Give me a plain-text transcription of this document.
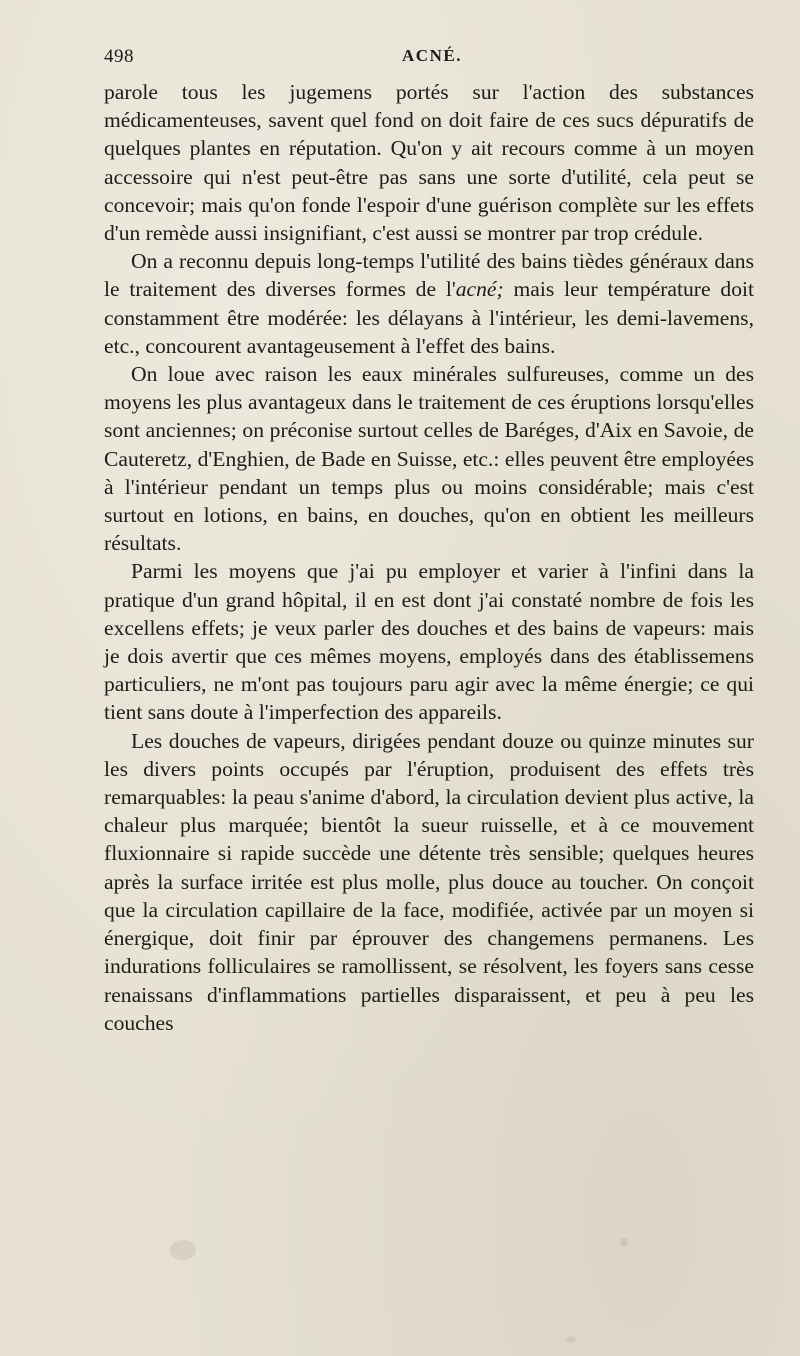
498	ACNÉ.

parole tous les jugemens portés sur l'action des substances médicamenteuses, savent quel fond on doit faire de ces sucs dépuratifs de quelques plantes en réputation. Qu'on y ait recours comme à un moyen accessoire qui n'est peut-être pas sans une sorte d'utilité, cela peut se concevoir; mais qu'on fonde l'espoir d'une guérison complète sur les effets d'un remède aussi insignifiant, c'est aussi se montrer par trop crédule.

On a reconnu depuis long-temps l'utilité des bains tièdes généraux dans le traitement des diverses formes de l'acné; mais leur température doit constamment être modérée: les délayans à l'intérieur, les demi-lavemens, etc., concourent avantageusement à l'effet des bains.

On loue avec raison les eaux minérales sulfureuses, comme un des moyens les plus avantageux dans le traitement de ces éruptions lorsqu'elles sont anciennes; on préconise surtout celles de Baréges, d'Aix en Savoie, de Cauteretz, d'Enghien, de Bade en Suisse, etc.: elles peuvent être employées à l'intérieur pendant un temps plus ou moins considérable; mais c'est surtout en lotions, en bains, en douches, qu'on en obtient les meilleurs résultats.

Parmi les moyens que j'ai pu employer et varier à l'infini dans la pratique d'un grand hôpital, il en est dont j'ai constaté nombre de fois les excellens effets; je veux parler des douches et des bains de vapeurs: mais je dois avertir que ces mêmes moyens, employés dans des établissemens particuliers, ne m'ont pas toujours paru agir avec la même énergie; ce qui tient sans doute à l'imperfection des appareils.

Les douches de vapeurs, dirigées pendant douze ou quinze minutes sur les divers points occupés par l'éruption, produisent des effets très remarquables: la peau s'anime d'abord, la circulation devient plus active, la chaleur plus marquée; bientôt la sueur ruisselle, et à ce mouvement fluxionnaire si rapide succède une détente très sensible; quelques heures après la surface irritée est plus molle, plus douce au toucher. On conçoit que la circulation capillaire de la face, modifiée, activée par un moyen si énergique, doit finir par éprouver des changemens permanens. Les indurations folliculaires se ramollissent, se résolvent, les foyers sans cesse renaissans d'inflammations partielles disparaissent, et peu à peu les couches
